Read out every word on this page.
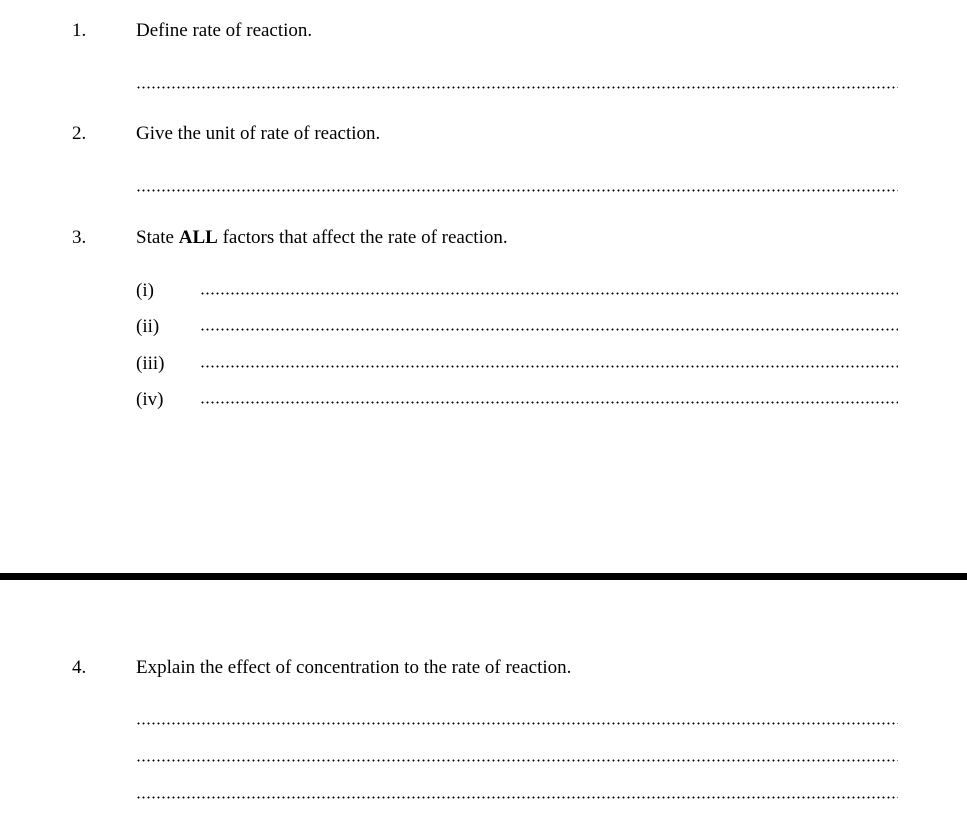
1.	Define rate of reaction.
2.	Give the unit of rate of reaction.
3.	State ALL factors that affect the rate of reaction.
(i)
(ii)
(iii)
(iv)
4.	Explain the effect of concentration to the rate of reaction.
